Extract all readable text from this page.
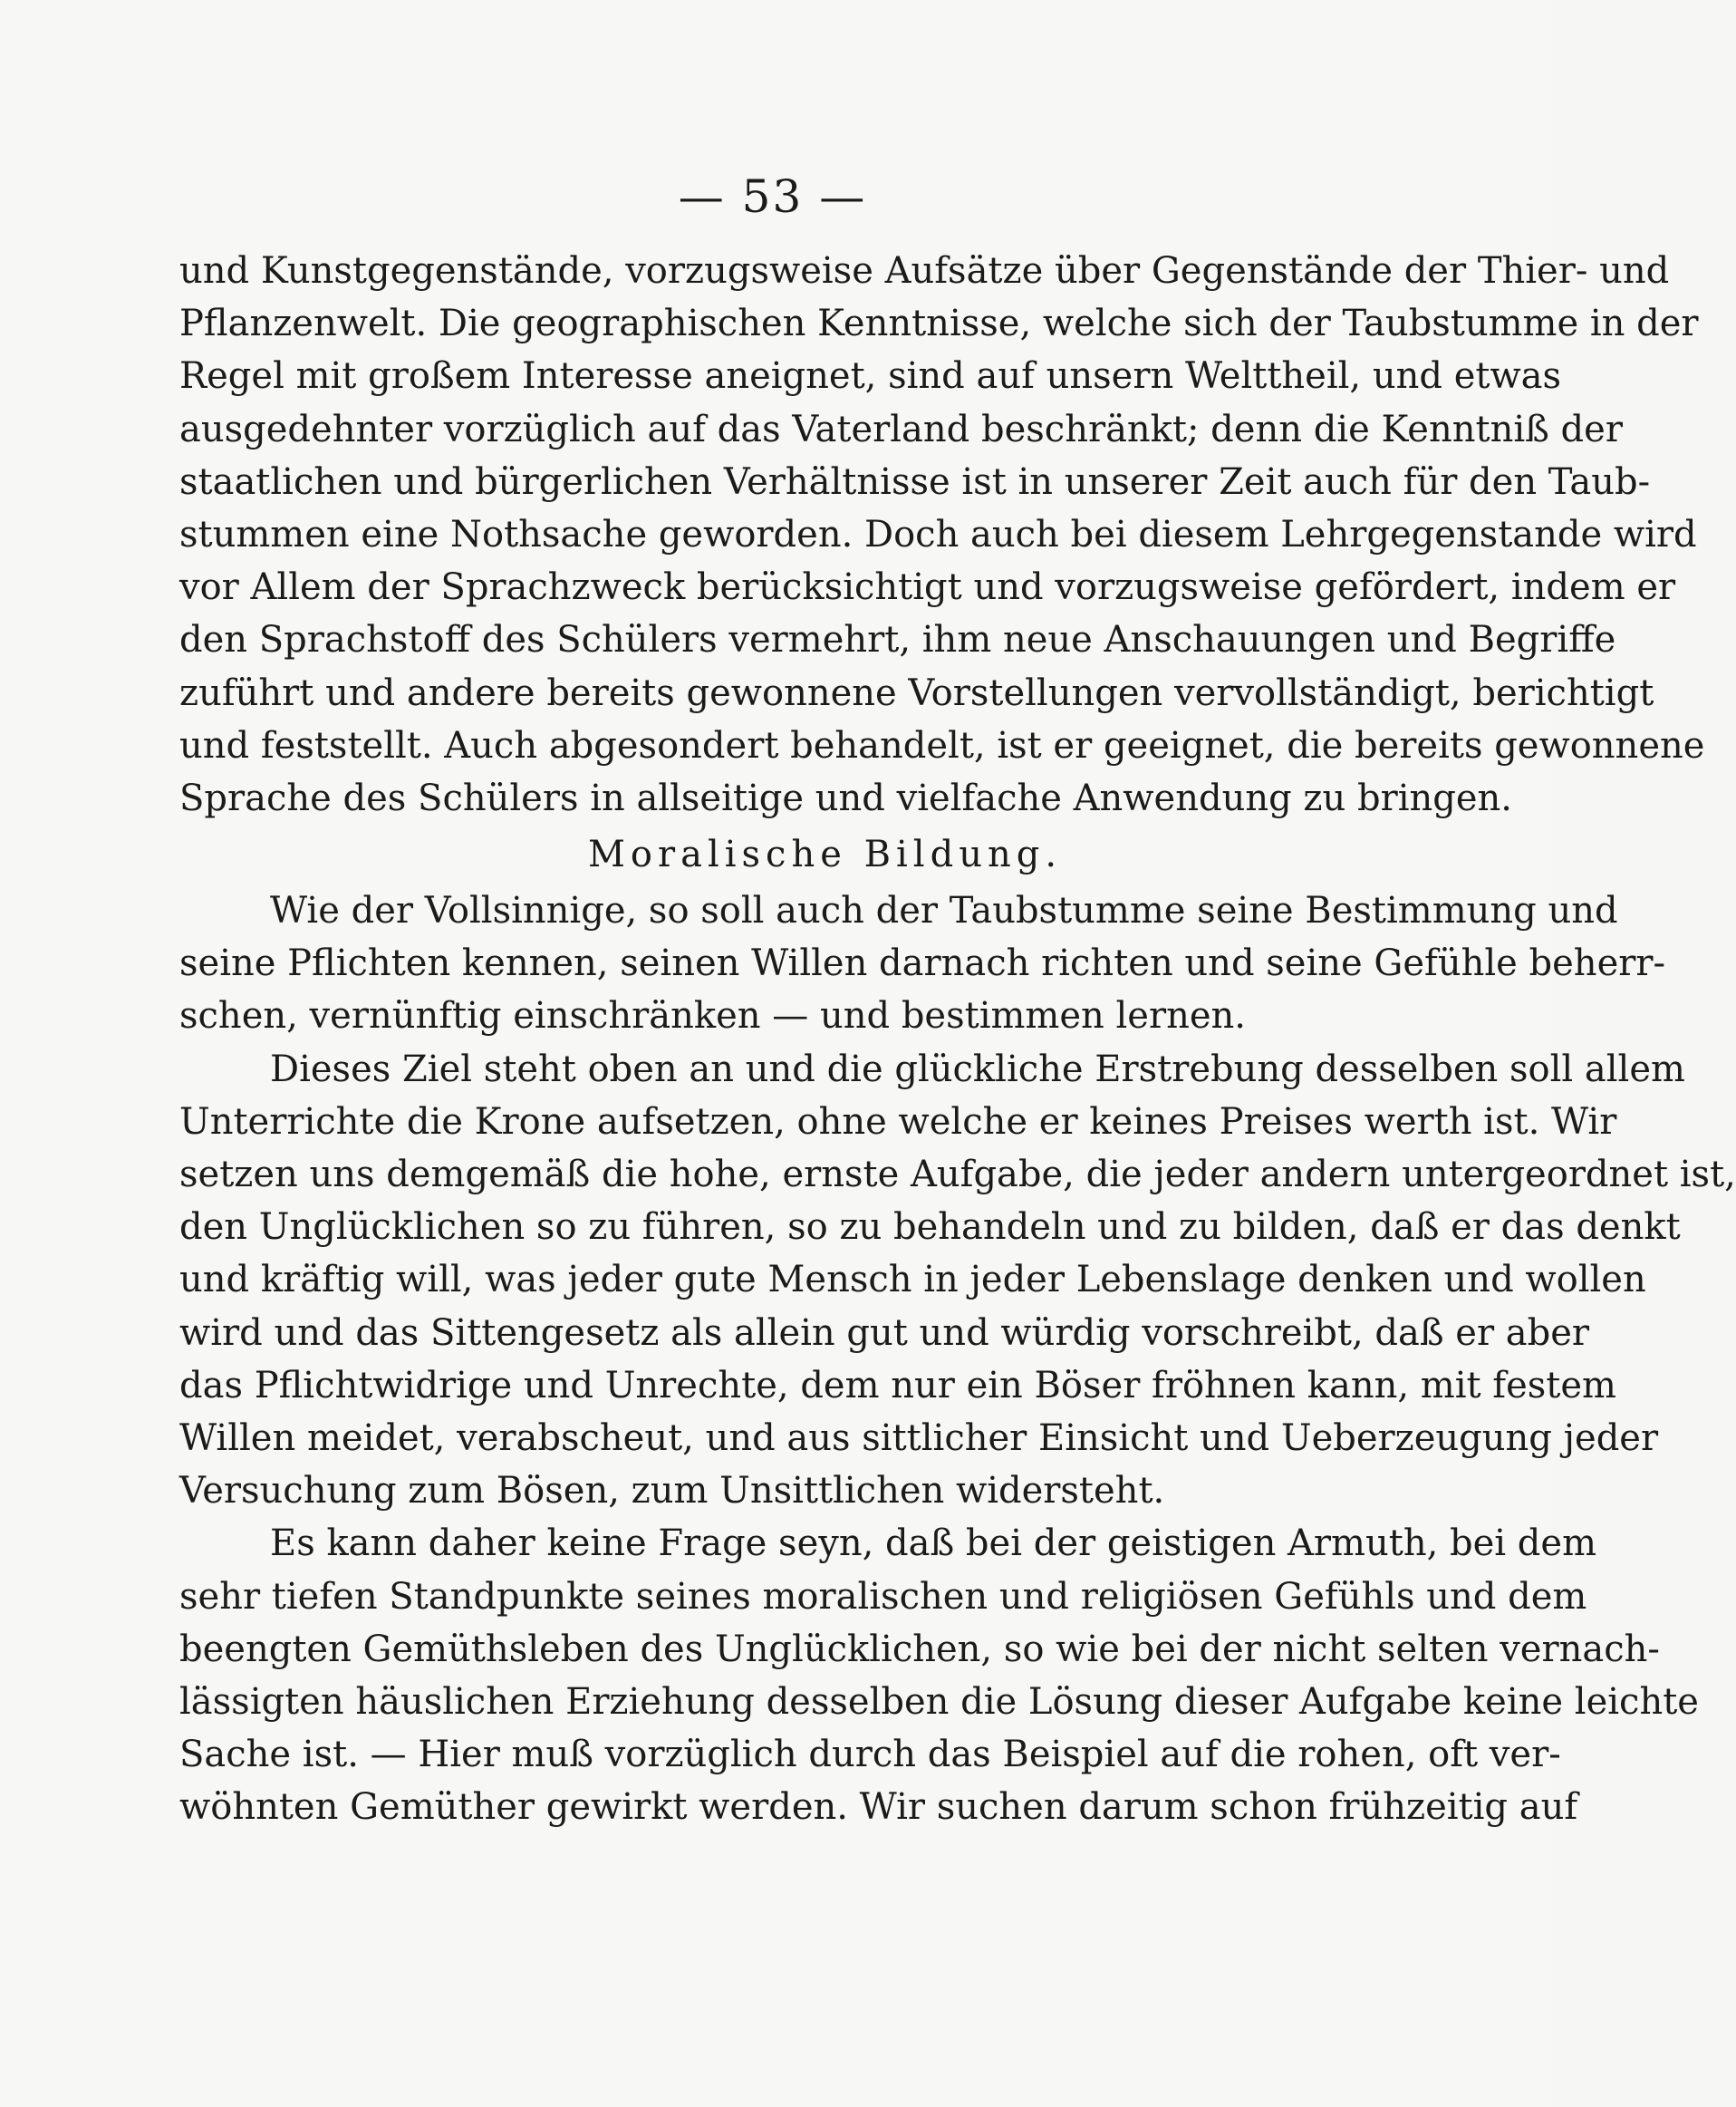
— 53 —
und Kunstgegenstände, vorzugsweise Aufsätze über Gegenstände der Thier- und
Pflanzenwelt. Die geographischen Kenntnisse, welche sich der Taubstumme in der
Regel mit großem Interesse aneignet, sind auf unsern Welttheil, und etwas
ausgedehnter vorzüglich auf das Vaterland beschränkt; denn die Kenntniß der
staatlichen und bürgerlichen Verhältnisse ist in unserer Zeit auch für den Taub-
stummen eine Nothsache geworden. Doch auch bei diesem Lehrgegenstande wird
vor Allem der Sprachzweck berücksichtigt und vorzugsweise gefördert, indem er
den Sprachstoff des Schülers vermehrt, ihm neue Anschauungen und Begriffe
zuführt und andere bereits gewonnene Vorstellungen vervollständigt, berichtigt
und feststellt. Auch abgesondert behandelt, ist er geeignet, die bereits gewonnene
Sprache des Schülers in allseitige und vielfache Anwendung zu bringen.
Moralische Bildung.
Wie der Vollsinnige, so soll auch der Taubstumme seine Bestimmung und
seine Pflichten kennen, seinen Willen darnach richten und seine Gefühle beherr-
schen, vernünftig einschränken — und bestimmen lernen.
Dieses Ziel steht oben an und die glückliche Erstrebung desselben soll allem
Unterrichte die Krone aufsetzen, ohne welche er keines Preises werth ist. Wir
setzen uns demgemäß die hohe, ernste Aufgabe, die jeder andern untergeordnet ist,
den Unglücklichen so zu führen, so zu behandeln und zu bilden, daß er das denkt
und kräftig will, was jeder gute Mensch in jeder Lebenslage denken und wollen
wird und das Sittengesetz als allein gut und würdig vorschreibt, daß er aber
das Pflichtwidrige und Unrechte, dem nur ein Böser fröhnen kann, mit festem
Willen meidet, verabscheut, und aus sittlicher Einsicht und Ueberzeugung jeder
Versuchung zum Bösen, zum Unsittlichen widersteht.
Es kann daher keine Frage seyn, daß bei der geistigen Armuth, bei dem
sehr tiefen Standpunkte seines moralischen und religiösen Gefühls und dem
beengten Gemüthsleben des Unglücklichen, so wie bei der nicht selten vernach-
lässigten häuslichen Erziehung desselben die Lösung dieser Aufgabe keine leichte
Sache ist. — Hier muß vorzüglich durch das Beispiel auf die rohen, oft ver-
wöhnten Gemüther gewirkt werden. Wir suchen darum schon frühzeitig auf
